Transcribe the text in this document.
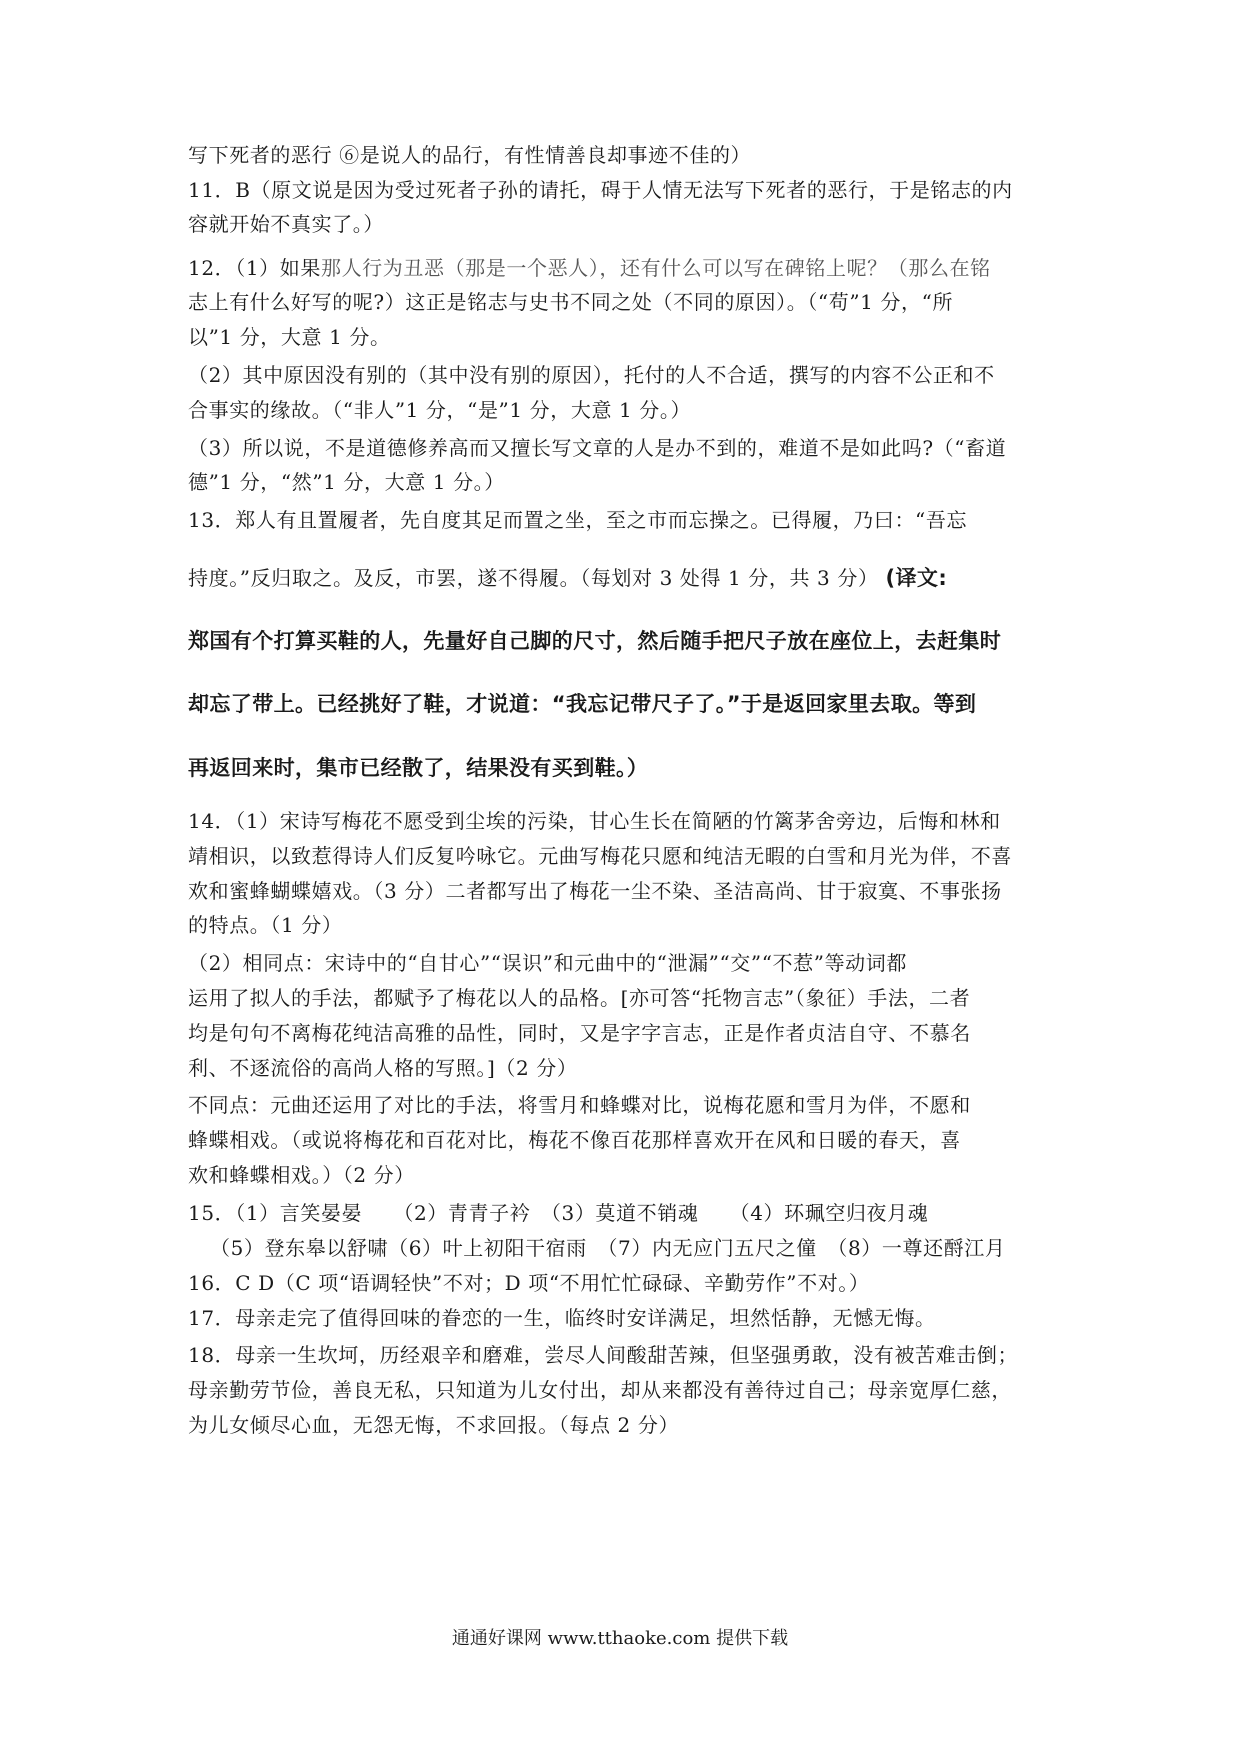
写下死者的恶行 ⑥是说人的品行，有性情善良却事迹不佳的）
11．B（原文说是因为受过死者子孙的请托，碍于人情无法写下死者的恶行，于是铭志的内
容就开始不真实了。）
12．（1）如果那人行为丑恶（那是一个恶人），还有什么可以写在碑铭上呢？（那么在铭
志上有什么好写的呢?）这正是铭志与史书不同之处（不同的原因）。（“苟”1 分，“所
以”1 分，大意 1 分。
（2）其中原因没有别的（其中没有别的原因），托付的人不合适，撰写的内容不公正和不
合事实的缘故。（“非人”1 分，“是”1 分，大意 1 分。）
（3）所以说，不是道德修养高而又擅长写文章的人是办不到的，难道不是如此吗?（“畜道
德”1 分，“然”1 分，大意 1 分。）
13．郑人有且置履者，先自度其足而置之坐，至之市而忘操之。已得履，乃曰：“吾忘
持度。”反归取之。及反，市罢，遂不得履。（每划对 3 处得 1 分，共 3 分） (译文:
郑国有个打算买鞋的人，先量好自己脚的尺寸，然后随手把尺子放在座位上，去赶集时
却忘了带上。已经挑好了鞋，才说道：“我忘记带尺子了。”于是返回家里去取。等到
再返回来时，集市已经散了，结果没有买到鞋。）
14．（1）宋诗写梅花不愿受到尘埃的污染，甘心生长在简陋的竹篱茅舍旁边，后悔和林和
靖相识，以致惹得诗人们反复吟咏它。元曲写梅花只愿和纯洁无暇的白雪和月光为伴，不喜
欢和蜜蜂蝴蝶嬉戏。（3 分）二者都写出了梅花一尘不染、圣洁高尚、甘于寂寞、不事张扬
的特点。（1 分）
（2）相同点：宋诗中的“自甘心”“误识”和元曲中的“泄漏”“交”“不惹”等动词都
运用了拟人的手法，都赋予了梅花以人的品格。[亦可答“托物言志”（象征）手法，二者
均是句句不离梅花纯洁高雅的品性，同时，又是字字言志，正是作者贞洁自守、不慕名
利、不逐流俗的高尚人格的写照。]（2 分）
不同点：元曲还运用了对比的手法，将雪月和蜂蝶对比，说梅花愿和雪月为伴，不愿和
蜂蝶相戏。（或说将梅花和百花对比，梅花不像百花那样喜欢开在风和日暖的春天，喜
欢和蜂蝶相戏。）（2 分）
15．（1）言笑晏晏　　（2）青青子衿　（3）莫道不销魂　　（4）环珮空归夜月魂
（5）登东皋以舒啸（6）叶上初阳干宿雨　（7）内无应门五尺之僮　（8）一尊还酹江月
16．C D（C 项“语调轻快”不对；D 项“不用忙忙碌碌、辛勤劳作”不对。）
17．母亲走完了值得回味的眷恋的一生，临终时安详满足，坦然恬静，无憾无悔。
18．母亲一生坎坷，历经艰辛和磨难，尝尽人间酸甜苦辣，但坚强勇敢，没有被苦难击倒；
母亲勤劳节俭，善良无私，只知道为儿女付出，却从来都没有善待过自己；母亲宽厚仁慈，
为儿女倾尽心血，无怨无悔，不求回报。（每点 2 分）
通通好课网 www.tthaoke.com 提供下载
